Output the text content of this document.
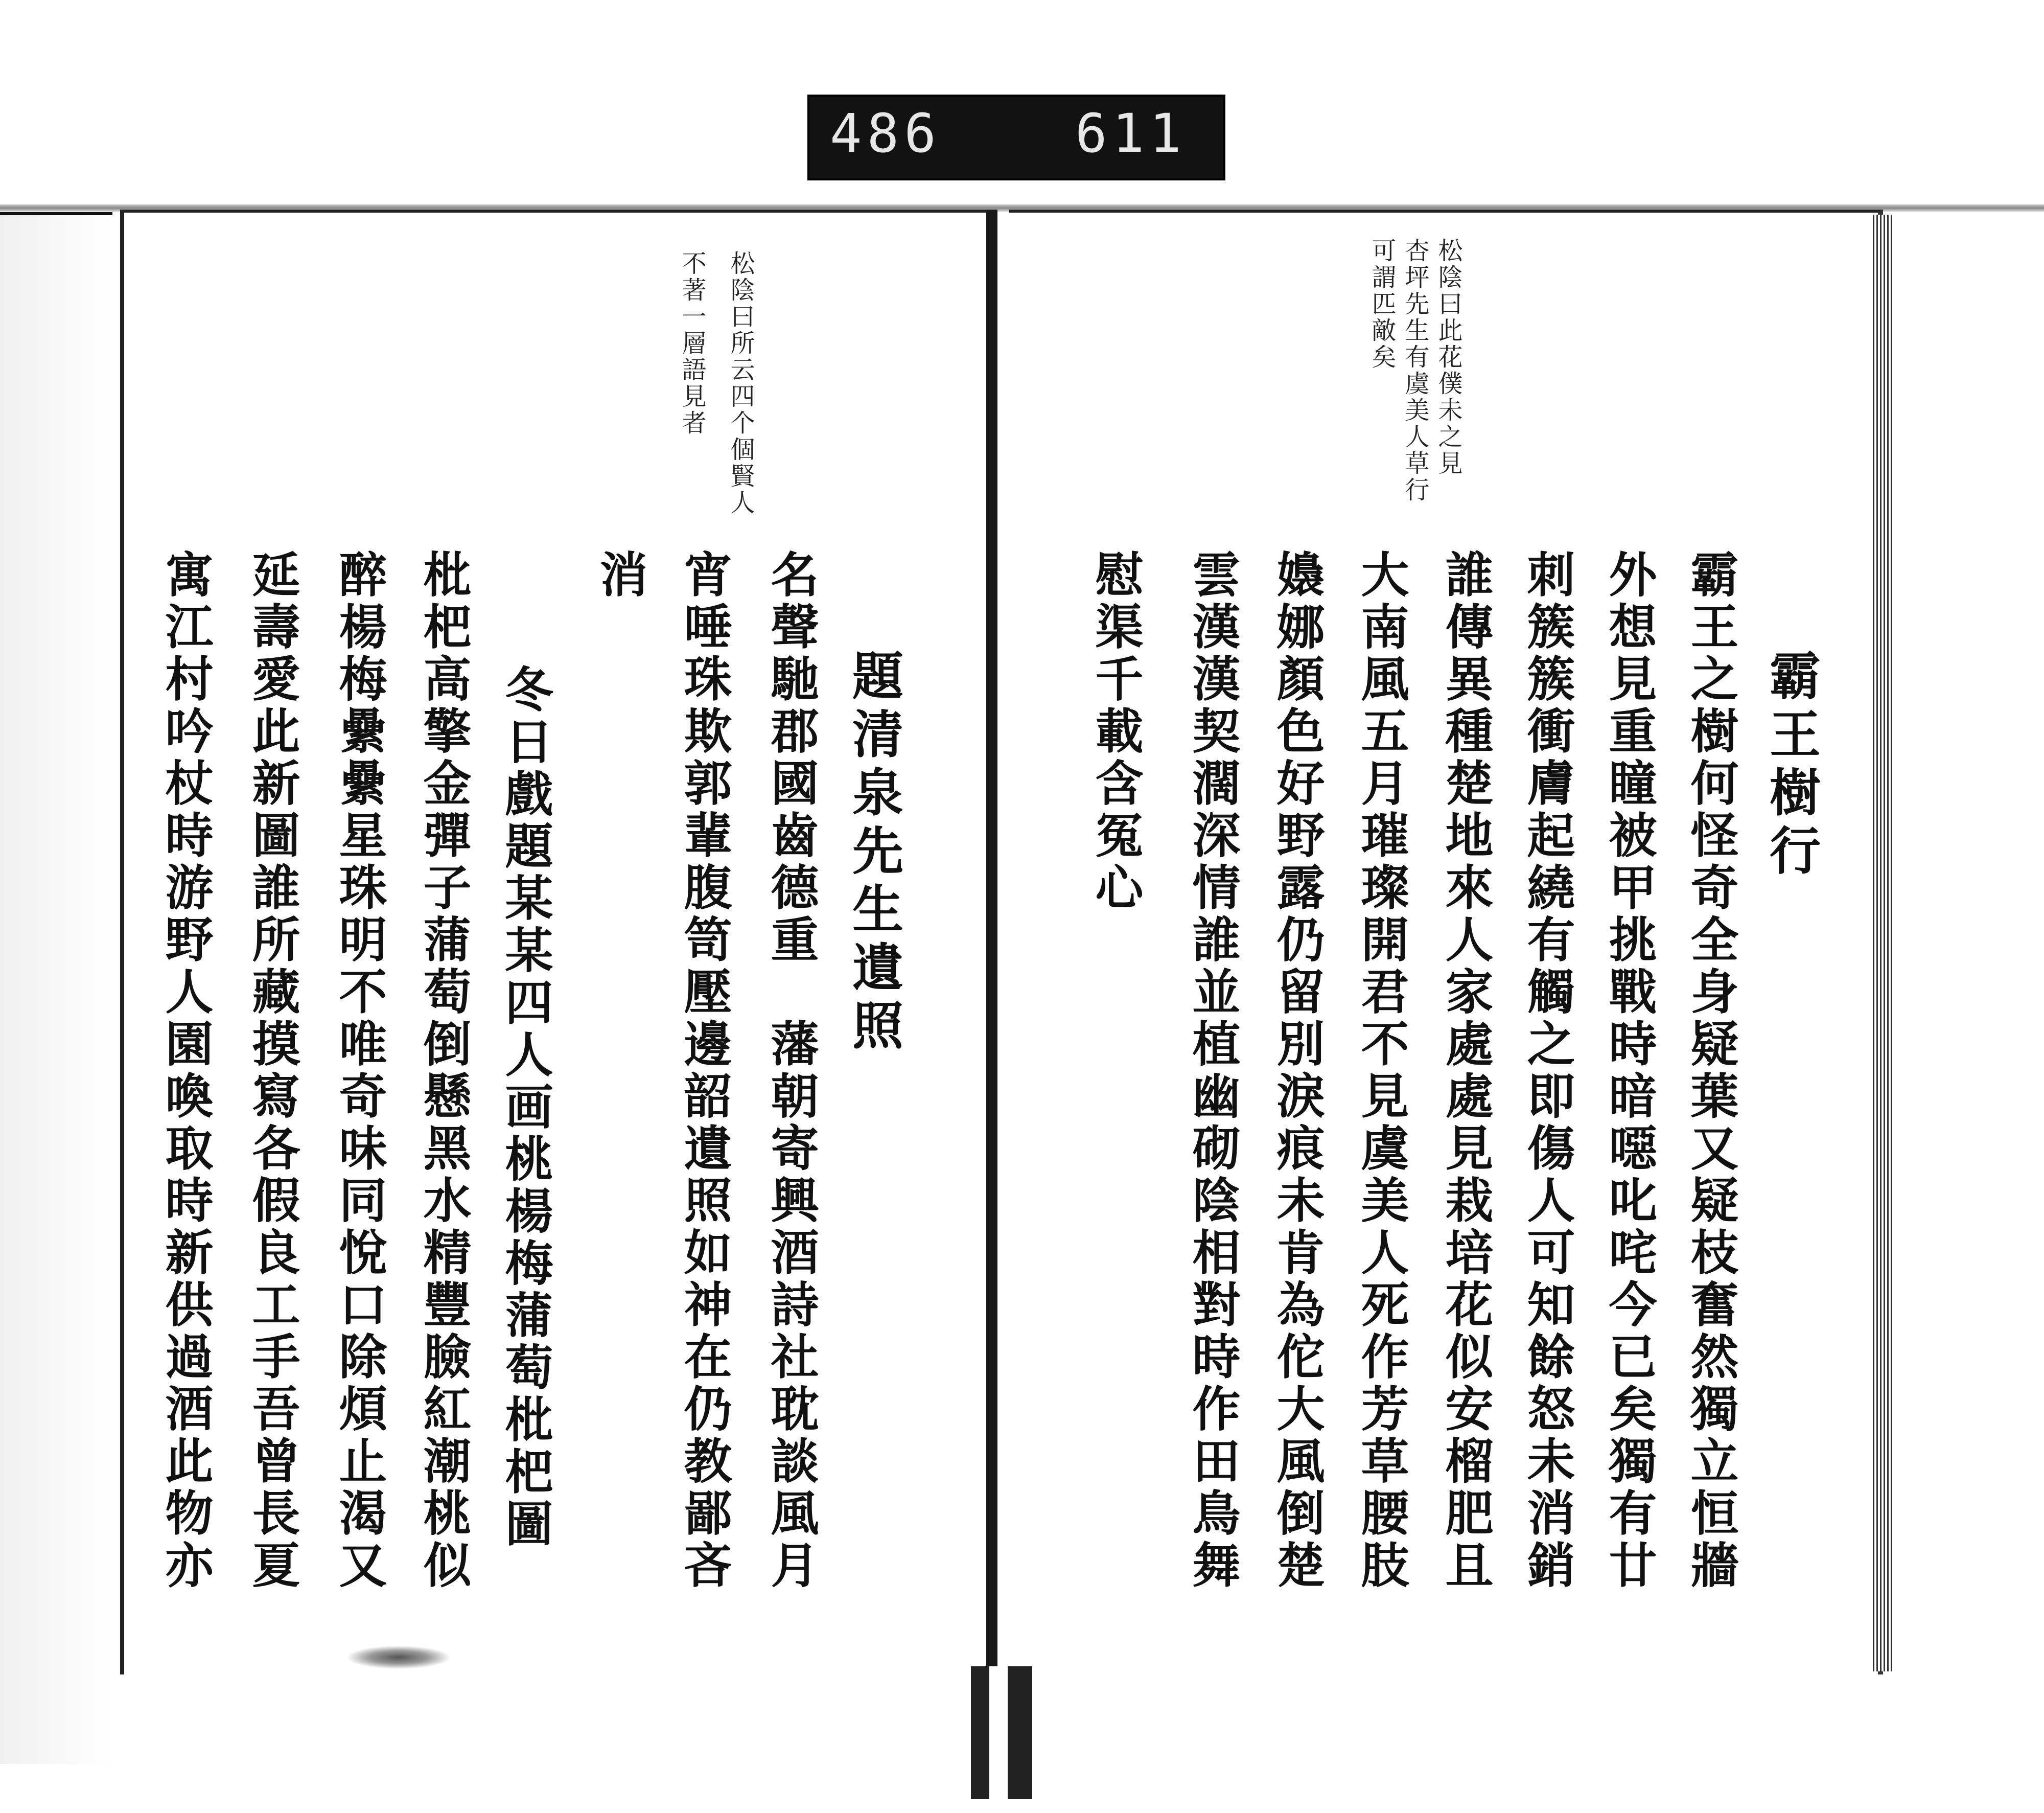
486	611
霸王樹行
霸王之樹何怪奇全身疑葉又疑枝奮然獨立恒牆
外想見重瞳被甲挑戰時暗噁叱咤今已矣獨有廿
刺簇簇衝膚起繞有觸之即傷人可知餘怒未消銷
誰傳異種楚地來人家處處見栽培花似安榴肥且
大南風五月璀璨開君不見虞美人死作芳草腰肢
嬝娜顏色好野露仍留別淚痕未肯為佗大風倒楚
雲漢漢契濶深情誰並植幽砌陰相對時作田鳥舞
慰渠千載含冤心
松陰曰此花僕未之見
杏坪先生有虞美人草行
可謂匹敵矣
松陰曰所云四个個賢人
不著一層語見者
題清泉先生遺照
名聲馳郡國齒德重　藩朝寄興酒詩社耽談風月
宵唾珠欺郭輩腹笥壓邊韶遺照如神在仍教鄙吝
消
冬日戲題某某四人画桃楊梅蒲萄枇杷圖
枇杷高擎金彈子蒲萄倒懸黑水精豐臉紅潮桃似
醉楊梅纍纍星珠明不唯奇味同悅口除煩止渴又
延壽愛此新圖誰所藏摸寫各假良工手吾曾長夏
寓江村吟杖時游野人園喚取時新供過酒此物亦
